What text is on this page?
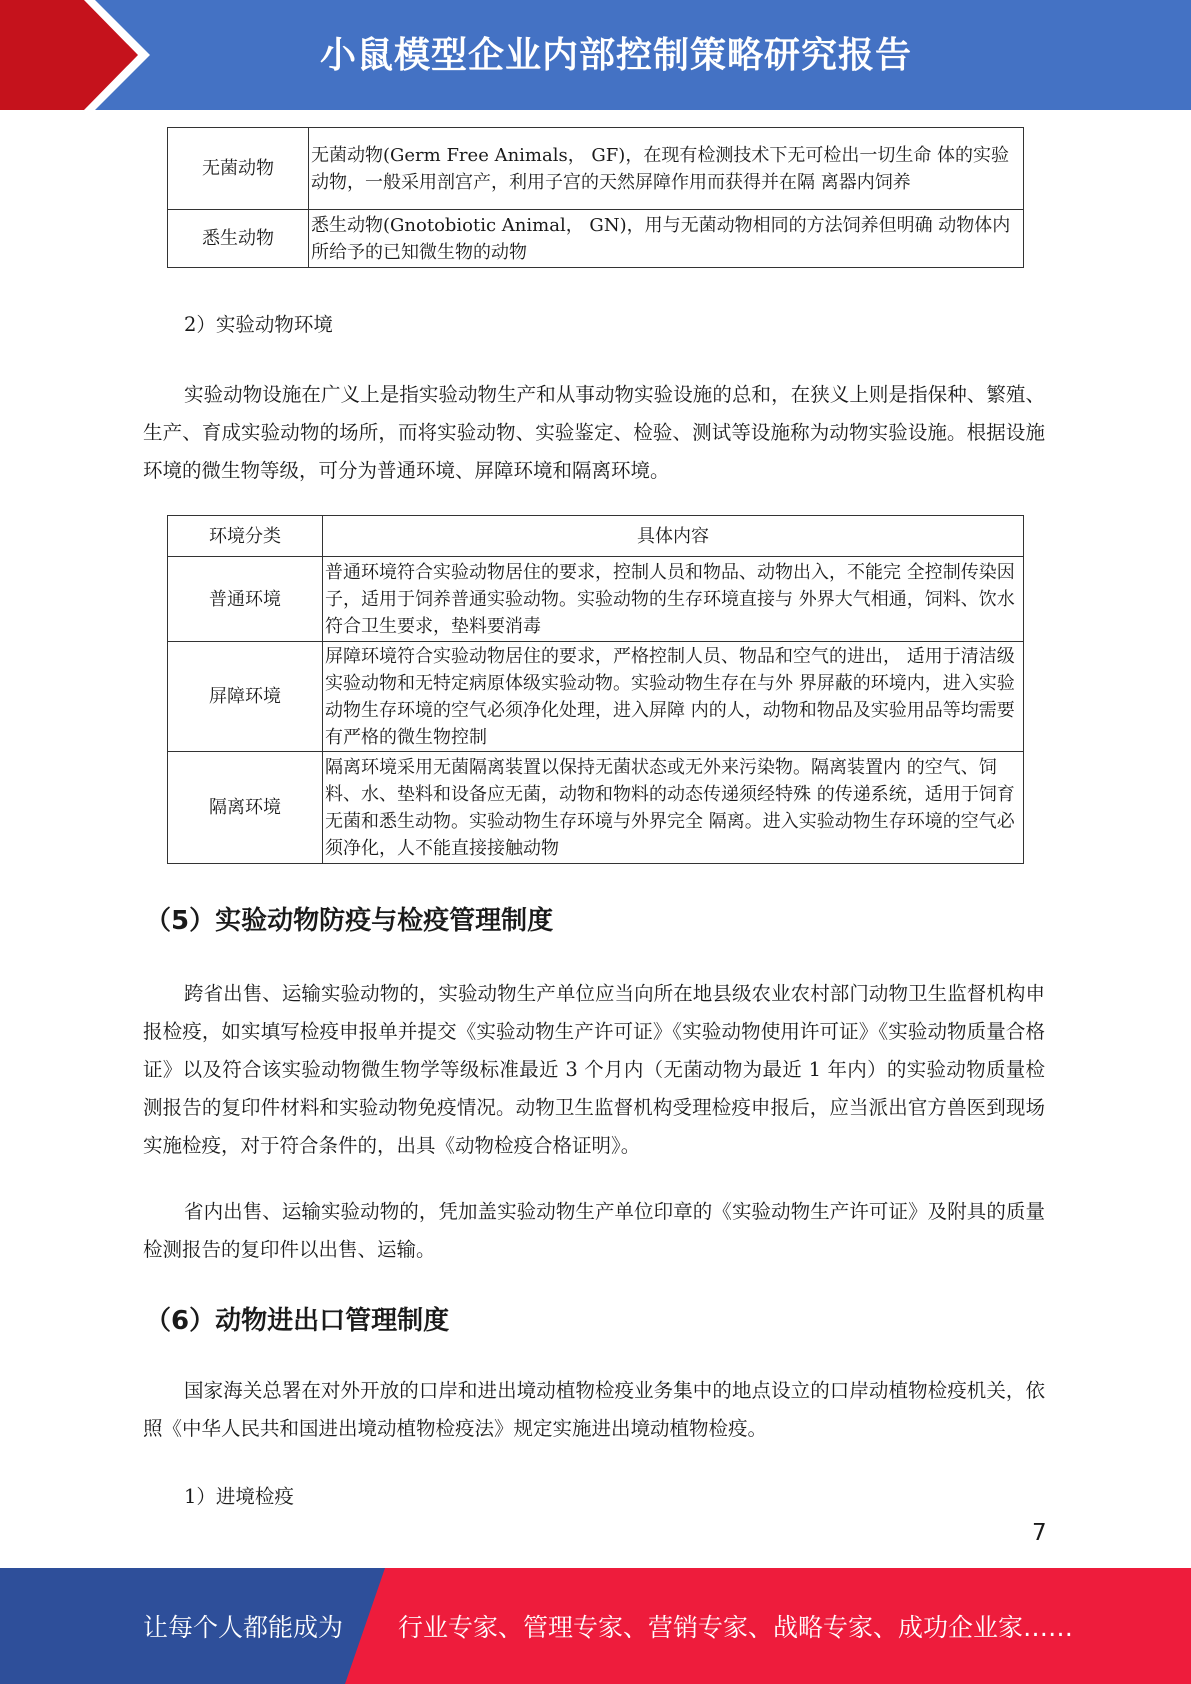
小鼠模型企业内部控制策略研究报告
无菌动物	无菌动物(Germ Free Animals， GF)，在现有检测技术下无可检出一切生命 体的实验动物，一般采用剖宫产，利用子宫的天然屏障作用而获得并在隔 离器内饲养
悉生动物	悉生动物(Gnotobiotic Animal， GN)，用与无菌动物相同的方法饲养但明确 动物体内所给予的已知微生物的动物
2）实验动物环境
实验动物设施在广义上是指实验动物生产和从事动物实验设施的总和，在狭义上则是指保种、繁殖、生产、育成实验动物的场所，而将实验动物、实验鉴定、检验、测试等设施称为动物实验设施。根据设施环境的微生物等级，可分为普通环境、屏障环境和隔离环境。
环境分类	具体内容
普通环境	普通环境符合实验动物居住的要求，控制人员和物品、动物出入，不能完 全控制传染因子，适用于饲养普通实验动物。实验动物的生存环境直接与 外界大气相通，饲料、饮水符合卫生要求，垫料要消毒
屏障环境	屏障环境符合实验动物居住的要求，严格控制人员、物品和空气的进出， 适用于清洁级实验动物和无特定病原体级实验动物。实验动物生存在与外 界屏蔽的环境内，进入实验动物生存环境的空气必须净化处理，进入屏障 内的人，动物和物品及实验用品等均需要有严格的微生物控制
隔离环境	隔离环境采用无菌隔离装置以保持无菌状态或无外来污染物。隔离装置内 的空气、饲料、水、垫料和设备应无菌，动物和物料的动态传递须经特殊 的传递系统，适用于饲育无菌和悉生动物。实验动物生存环境与外界完全 隔离。进入实验动物生存环境的空气必须净化，人不能直接接触动物
（5）实验动物防疫与检疫管理制度
跨省出售、运输实验动物的，实验动物生产单位应当向所在地县级农业农村部门动物卫生监督机构申报检疫，如实填写检疫申报单并提交《实验动物生产许可证》《实验动物使用许可证》《实验动物质量合格证》以及符合该实验动物微生物学等级标准最近 3 个月内（无菌动物为最近 1 年内）的实验动物质量检测报告的复印件材料和实验动物免疫情况。动物卫生监督机构受理检疫申报后，应当派出官方兽医到现场实施检疫，对于符合条件的，出具《动物检疫合格证明》。
省内出售、运输实验动物的，凭加盖实验动物生产单位印章的《实验动物生产许可证》及附具的质量检测报告的复印件以出售、运输。
（6）动物进出口管理制度
国家海关总署在对外开放的口岸和进出境动植物检疫业务集中的地点设立的口岸动植物检疫机关，依照《中华人民共和国进出境动植物检疫法》规定实施进出境动植物检疫。
1）进境检疫
7
让每个人都能成为 行业专家、管理专家、营销专家、战略专家、成功企业家……
